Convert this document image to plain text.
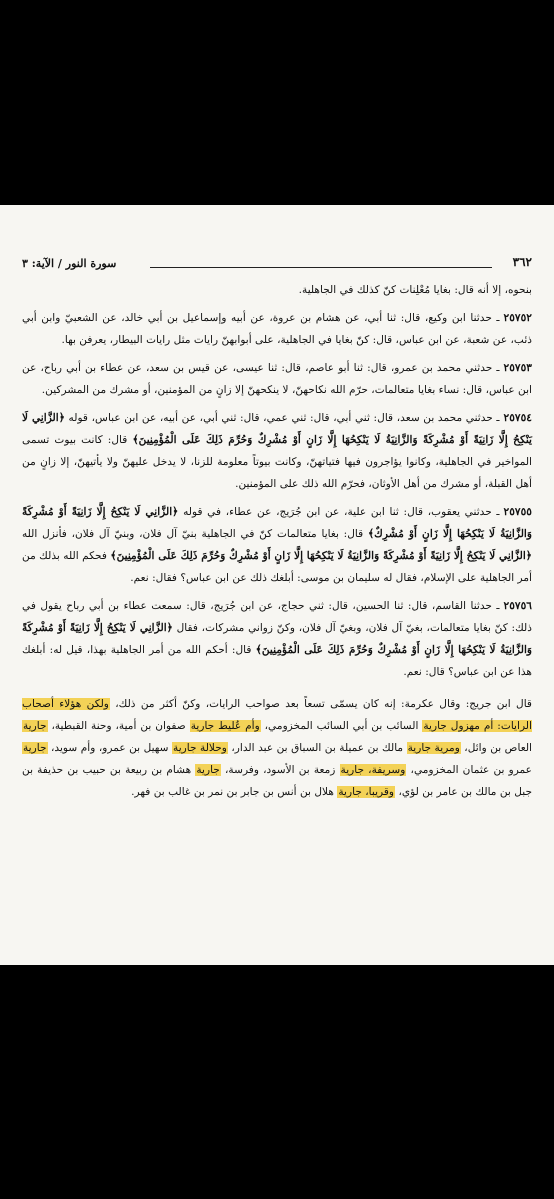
سورة النور / الآية: ٣	٣٦٢

بنحوه، إلا أنه قال: بغايا مُعْلِنات كنّ كذلك في الجاهلية.

٢٥٧٥٢ـ حدثنا ابن وكيع، قال: ثنا أبي، عن هشام بن عروة، عن أبيه وإسماعيل بن أبي خالد، عن الشعبيّ وابن أبي ذئب، عن شعبة، عن ابن عباس، قال: كنّ بغايا في الجاهلية، على أبوابهنّ رايات مثل رايات البيطار، يعرفن بها.

٢٥٧٥٣ـ حدثني محمد بن عمرو، قال: ثنا أبو عاصم، قال: ثنا عيسى، عن قيس بن سعد، عن عطاء بن أبي رباح، عن ابن عباس، قال: نساء بغايا متعالمات، حرّم الله نكاحهنّ، لا ينكحهنّ إلا زانٍ من المؤمنين، أو مشرك من المشركين.

٢٥٧٥٤ـ حدثني محمد بن سعد، قال: ثني أبي، قال: ثني عمي، قال: ثني أبي، عن أبيه، عن ابن عباس، قوله ﴿الزَّانِي لَا يَنْكِحُ إِلَّا زَانِيَةً أَوْ مُشْرِكَةً وَالزَّانِيَةُ لَا يَنْكِحُهَا إِلَّا زَانٍ أَوْ مُشْرِكٌ وَحُرِّمَ ذَلِكَ عَلَى الْمُؤْمِنِينَ﴾ قال: كانت بيوت تسمى المواخير في الجاهلية، وكانوا يؤاجرون فيها فتياتهنّ، وكانت بيوتاً معلومة للزنا، لا يدخل عليهنّ ولا يأتيهنّ، إلا زانٍ من أهل القبلة، أو مشرك من أهل الأوثان، فحرّم الله ذلك على المؤمنين.

٢٥٧٥٥ـ حدثني يعقوب، قال: ثنا ابن علية، عن ابن جُرَيج، عن عطاء، في قوله ﴿الزَّانِي لَا يَنْكِحُ إِلَّا زَانِيَةً أَوْ مُشْرِكَةً وَالزَّانِيَةُ لَا يَنْكِحُهَا إِلَّا زَانٍ أَوْ مُشْرِكٌ﴾ قال: بغايا متعالمات كنّ في الجاهلية بنيّ آل فلان، وبنيّ آل فلان، فأنزل الله ﴿الزَّانِي لَا يَنْكِحُ إِلَّا زَانِيَةً أَوْ مُشْرِكَةً وَالزَّانِيَةُ لَا يَنْكِحُهَا إِلَّا زَانٍ أَوْ مُشْرِكٌ وَحُرِّمَ ذَلِكَ عَلَى الْمُؤْمِنِينَ﴾ فحكم الله بذلك من أمر الجاهلية على الإسلام، فقال له سليمان بن موسى: أبلغك ذلك عن ابن عباس؟ فقال: نعم.

٢٥٧٥٦ـ حدثنا القاسم، قال: ثنا الحسين، قال: ثني حجاج، عن ابن جُرَيج، قال: سمعت عطاء بن أبي رباح يقول في ذلك: كنّ بغايا متعالمات، بغيّ آل فلان، وبغيّ آل فلان، وكنّ زواني مشركات، فقال ﴿الزَّانِي لَا يَنْكِحُ إِلَّا زَانِيَةً أَوْ مُشْرِكَةً وَالزَّانِيَةُ لَا يَنْكِحُهَا إِلَّا زَانٍ أَوْ مُشْرِكٌ وَحُرِّمَ ذَلِكَ عَلَى الْمُؤْمِنِينَ﴾ قال: أحكم الله من أمر الجاهلية بهذا، قيل له: أبلغك هذا عن ابن عباس؟ قال: نعم.

قال ابن جريج: وقال عكرمة: إنه كان يسمّى تسعاً بعد صواحب الرايات، وكنّ أكثر من ذلك، ولكن هؤلاء أصحاب الرايات: أم مهزول جارية السائب بن أبي السائب المخزومي، وأم عُليط جارية صفوان بن أمية، وحنة القبطية، جارية العاص بن وائل، ومرية جارية مالك بن عميلة بن السباق بن عبد الدار، وحلالة جارية سهيل بن عمرو، وأم سويد، جارية عمرو بن عثمان المخزومي، وسريفة، جارية زمعة بن الأسود، وفرسة، جارية هشام بن ربيعة بن حبيب بن حذيفة بن جبل بن مالك بن عامر بن لؤي، وقريبا، جارية هلال بن أنس بن جابر بن نمر بن غالب بن فهر.
